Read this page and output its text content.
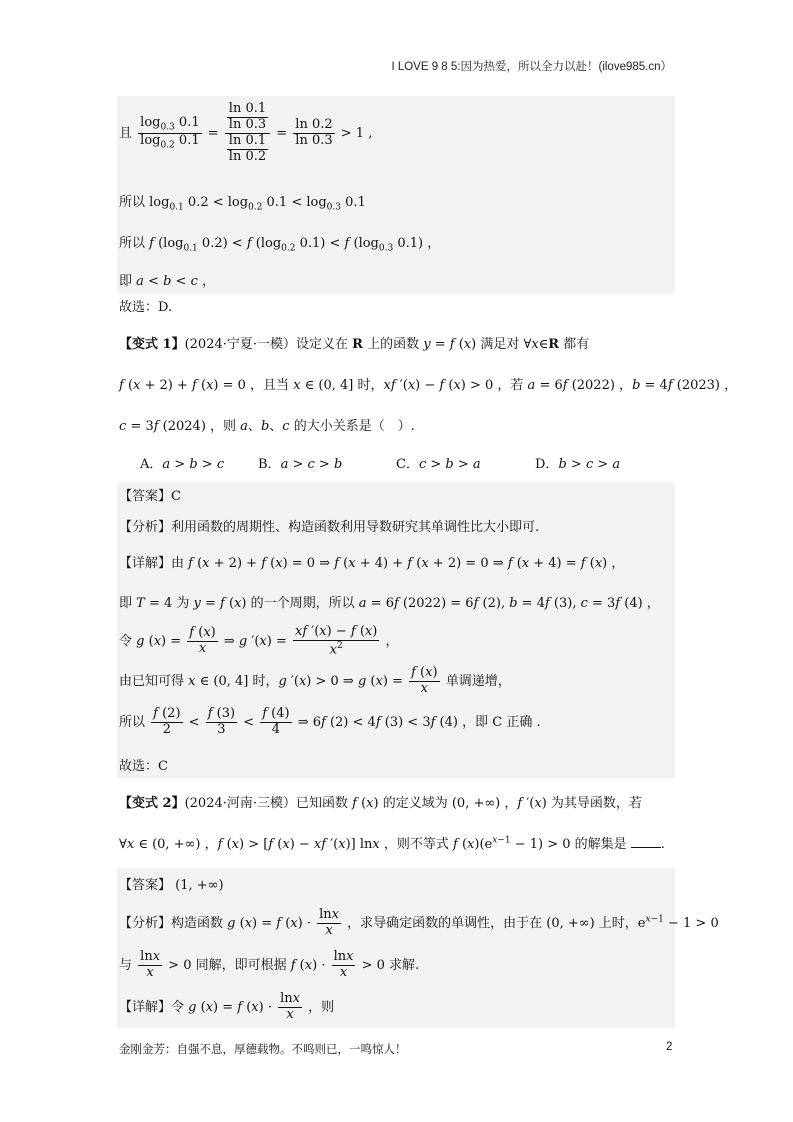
I LOVE 9 8 5:因为热爱，所以全力以赴！(ilove985.cn）
且 $\frac{\log_{0.3} 0.1}{\log_{0.2} 0.1} = \frac{\frac{\ln 0.1}{\ln 0.3}}{\frac{\ln 0.1}{\ln 0.2}} = \frac{\ln 0.2}{\ln 0.3} > 1$ ,
所以 $\log_{0.1} 0.2 < \log_{0.2} 0.1 < \log_{0.3} 0.1$
所以 f ($\log_{0.1}$ 0.2) < f ($\log_{0.2}$ 0.1) < f ($\log_{0.3}$ 0.1) ，
即 a < b < c ，
故选：D.
【变式 1】(2024·宁夏·一模）设定义在 R 上的函数 y = f (x) 满足对 ∀x∈R 都有
f (x + 2) + f (x) = 0 ，且当 x ∈ (0, 4] 时，xf ′(x) − f (x) > 0 ，若 a = 6f (2022) ，b = 4f (2023) ，
c = 3f (2024) ，则 a、b、c 的大小关系是（　）.
A．a > b > c	B．a > c > b	C．c > b > a	D．b > c > a
【答案】C
【分析】利用函数的周期性、构造函数利用导数研究其单调性比大小即可.
【详解】由 f (x + 2) + f (x) = 0 ⇒ f (x + 4) + f (x + 2) = 0 ⇒ f (x + 4) = f (x) ，
即 T = 4 为 y = f (x) 的一个周期，所以 a = 6f (2022) = 6f (2), b = 4f (3), c = 3f (4) ，
令 g $(x) = \frac{f (x)}{x}$ ⇒ g $'(x) = \frac{xf '(x) - f (x)}{x^2}$ ，
由已知可得 x ∈ (0, 4] 时，g ′(x) > 0 ⇒ g $(x) = \frac{f (x)}{x}$ 单调递增，
所以 $\frac{f (2)}{2} < \frac{f (3)}{3} < \frac{f (4)}{4}$ ⇒ 6f (2) < 4f (3) < 3f (4) ，即 C 正确 .
故选：C
【变式 2】(2024·河南·三模）已知函数 f (x) 的定义域为 (0, +∞) ，f ′(x) 为其导函数，若
∀x ∈ (0, +∞) ，f (x) > [f (x) − xf ′(x)] lnx ，则不等式 f $(x)(e^{x-1} - 1) > 0$ 的解集是	.
【答案】 (1, +∞)
【分析】构造函数 g (x) = f $(x) \cdot \frac{\ln x}{x}$ ，求导确定函数的单调性，由于在 (0, +∞) 上时，$e^{x-1} - 1 > 0$
与 $\frac{\ln x}{x} > 0$ 同解，即可根据 f $(x) \cdot \frac{\ln x}{x} > 0$ 求解.
【详解】令 g (x) = f $(x) \cdot \frac{\ln x}{x}$ ，则
金刚金芳：自强不息，厚德载物。不鸣则已，一鸣惊人！	2
